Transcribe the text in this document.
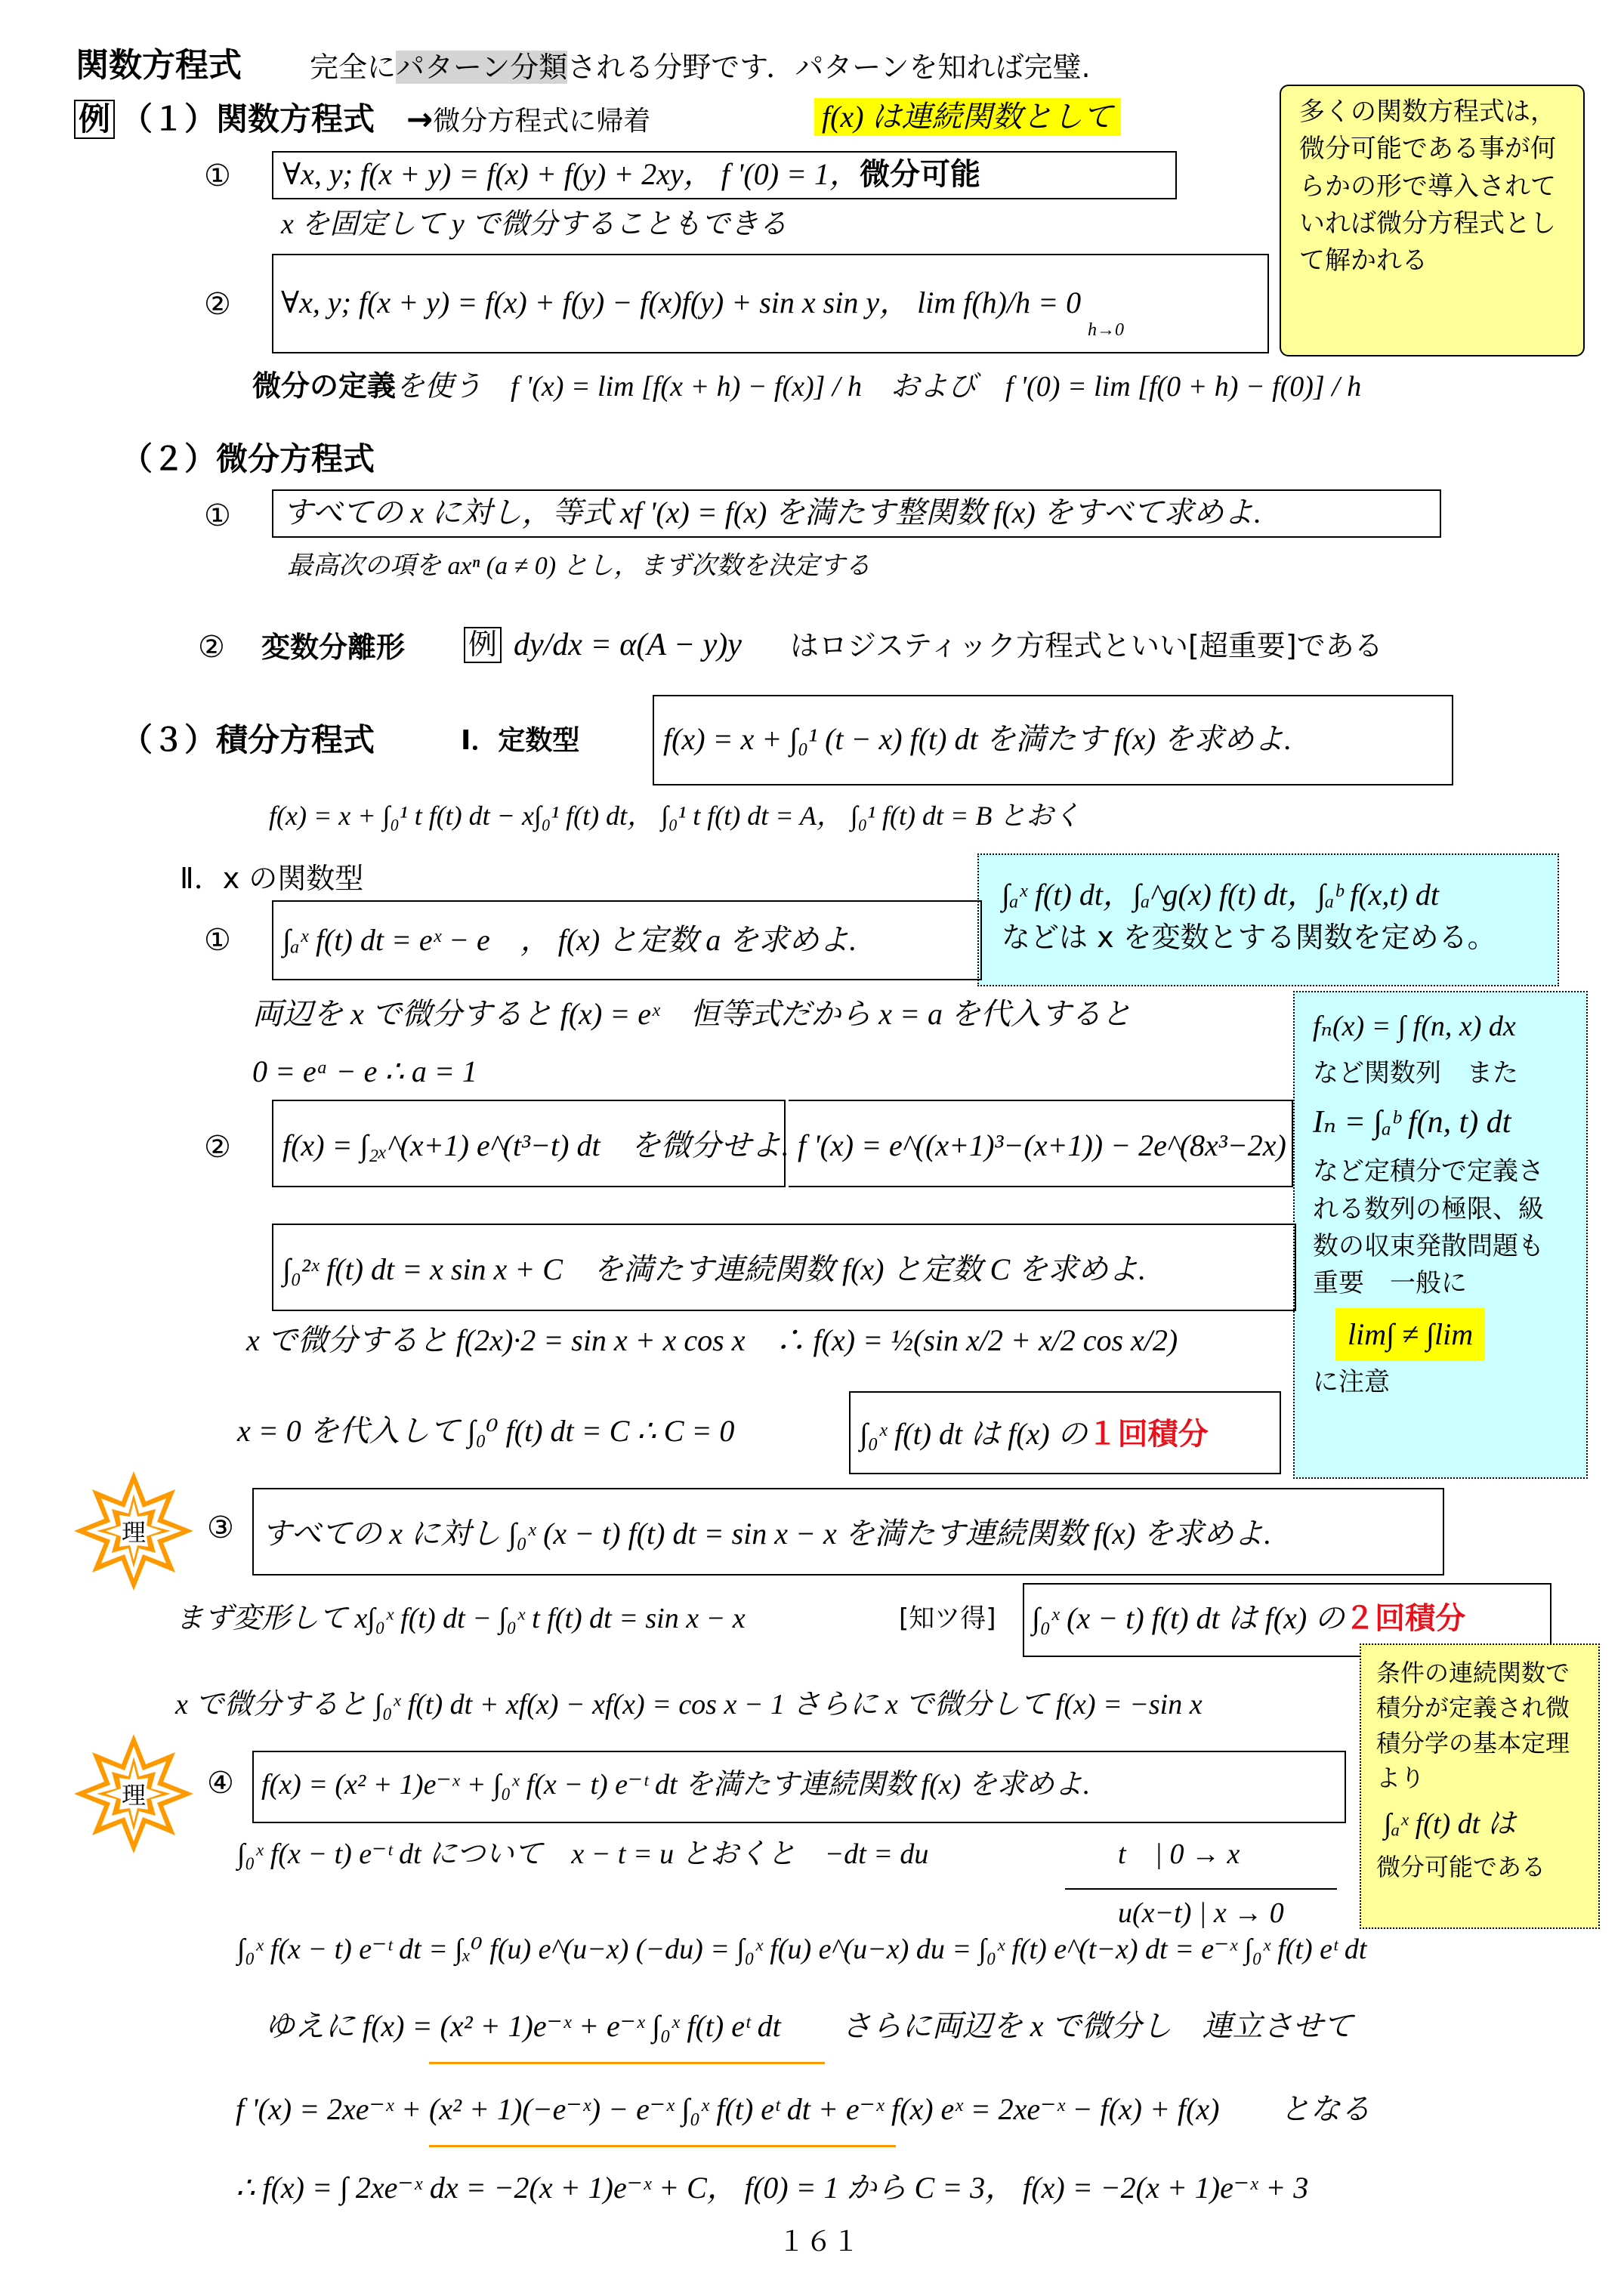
関数方程式 完全にパターン分類される分野です．パターンを知れば完璧.
例 （１）関数方程式　→微分方程式に帰着	f(x) は連続関数として
① ∀x, y; f(x + y) = f(x) + f(y) + 2xy， f '(0) = 1，微分可能
x を固定して y で微分することもできる
② ∀x, y; f(x + y) = f(x) + f(y) − f(x)f(y) + sin x sin y， lim f(h)/h = 0
h→0
微分の定義を使う　f '(x) = lim [f(x + h) − f(x)] / h　および　f '(0) = lim [f(0 + h) − f(0)] / h
多くの関数方程式は，微分可能である事が何らかの形で導入されていれば微分方程式として解かれる
（２）微分方程式
① すべての x に対し，等式 xf '(x) = f(x) を満たす整関数 f(x) をすべて求めよ.
最高次の項を axⁿ (a ≠ 0) とし，まず次数を決定する
② 変数分離形 例 dy/dx = α(A − y)y はロジスティック方程式といい[超重要]である
（３）積分方程式	Ⅰ．定数型	f(x) = x + ∫₀¹ (t − x) f(t) dt を満たす f(x) を求めよ.
f(x) = x + ∫₀¹ t f(t) dt − x∫₀¹ f(t) dt， ∫₀¹ t f(t) dt = A， ∫₀¹ f(t) dt = B とおく
Ⅱ．x の関数型	∫ₐˣ f(t) dt，∫ₐ^g(x) f(t) dt，∫ₐᵇ f(x,t) dt
などは x を変数とする関数を定める。
① ∫ₐˣ f(t) dt = eˣ − e　， f(x) と定数 a を求めよ.
両辺を x で微分すると f(x) = eˣ　恒等式だから x = a を代入すると
0 = eᵃ − e ∴ a = 1
fₙ(x) = ∫ f(n, x) dx
など関数列　また
Iₙ = ∫ₐᵇ f(n, t) dt
など定積分で定義される数列の極限、級数の収束発散問題も重要　一般に
lim∫ ≠ ∫lim
に注意
② f(x) = ∫₂ₓ^(x+1) e^(t³−t) dt　を微分せよ. f '(x) = e^((x+1)³−(x+1)) − 2e^(8x³−2x)
∫₀²ˣ f(t) dt = x sin x + C　を満たす連続関数 f(x) と定数 C を求めよ.
x で微分すると f(2x)·2 = sin x + x cos x　∴ f(x) = ½(sin x/2 + x/2 cos x/2)
x = 0 を代入して ∫₀⁰ f(t) dt = C ∴ C = 0	∫₀ˣ f(t) dt は f(x) の１回積分
理 ③ すべての x に対し ∫₀ˣ (x − t) f(t) dt = sin x − x を満たす連続関数 f(x) を求めよ.
まず変形して x∫₀ˣ f(t) dt − ∫₀ˣ t f(t) dt = sin x − x	[知ツ得] ∫₀ˣ (x − t) f(t) dt は f(x) の２回積分
x で微分すると ∫₀ˣ f(t) dt + xf(x) − xf(x) = cos x − 1 さらに x で微分して f(x) = −sin x
理 ④ f(x) = (x² + 1)e⁻ˣ + ∫₀ˣ f(x − t) e⁻ᵗ dt を満たす連続関数 f(x) を求めよ.
条件の連続関数で積分が定義され微積分学の基本定理より
∫ₐˣ f(t) dt は
微分可能である
∫₀ˣ f(x − t) e⁻ᵗ dt について　x − t = u とおくと　−dt = du	t　| 0 → x
u(x−t) | x → 0
∫₀ˣ f(x − t) e⁻ᵗ dt = ∫ₓ⁰ f(u) e^(u−x) (−du) = ∫₀ˣ f(u) e^(u−x) du = ∫₀ˣ f(t) e^(t−x) dt = e⁻ˣ ∫₀ˣ f(t) eᵗ dt
ゆえに f(x) = (x² + 1)e⁻ˣ + e⁻ˣ ∫₀ˣ f(t) eᵗ dt　　さらに両辺を x で微分し　連立させて
f '(x) = 2xe⁻ˣ + (x² + 1)(−e⁻ˣ) − e⁻ˣ ∫₀ˣ f(t) eᵗ dt + e⁻ˣ f(x) eˣ = 2xe⁻ˣ − f(x) + f(x)　　となる
∴ f(x) = ∫ 2xe⁻ˣ dx = −2(x + 1)e⁻ˣ + C， f(0) = 1 から C = 3， f(x) = −2(x + 1)e⁻ˣ + 3
１６１
